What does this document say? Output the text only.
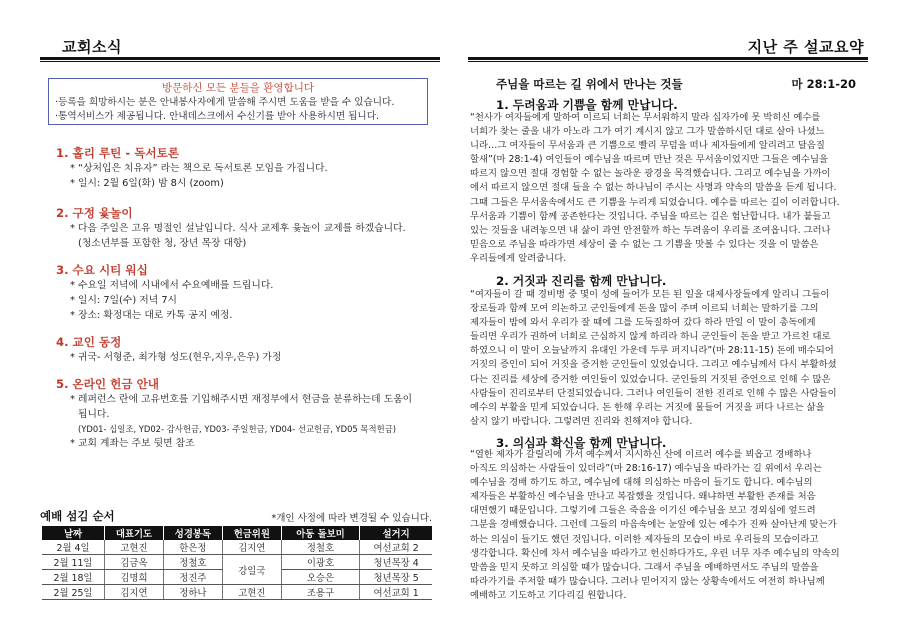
교회소식
방문하신 모든 분들을 환영합니다
·등록을 희망하시는 분은 안내봉사자에게 말씀해 주시면 도움을 받을 수 있습니다.
·통역서비스가 제공됩니다. 안내데스크에서 수신기를 받아 사용하시면 됩니다.
1. 홀리 루틴 - 독서토론
* “상처입은 치유자” 라는 책으로 독서토론 모임을 가집니다.
* 일시: 2월 6일(화) 밤 8시 (zoom)
2. 구정 윷놀이
* 다음 주일은 고유 명절인 설날입니다. 식사 교제후 윷놀이 교제를 하겠습니다.
(청소년부를 포함한 청, 장년 목장 대항)
3. 수요 시티 워십
* 수요일 저녁에 시내에서 수요예배를 드립니다.
* 일시: 7일(수) 저녁 7시
* 장소: 확정대는 대로 카톡 공지 예정.
4. 교인 동정
* 귀국- 서형준, 최가형 성도(현우,지우,은우) 가정
5. 온라인 헌금 안내
* 레퍼런스 란에 고유번호를 기입해주시면 재정부에서 현금을 분류하는데 도움이
됩니다.
(YD01- 십일조, YD02- 감사헌금, YD03- 주일헌금, YD04- 선교헌금, YD05 목적헌금)
* 교회 계좌는 주보 뒷면 참조
예배 섬김 순서	*개인 사정에 따라 변경될 수 있습니다.
날짜	대표기도	성경봉독	헌금위원	아동 돌보미	설거지
2월 4일	고현진	한은정	김지연	정철호	여선교회 2
2월 11일	김금옥	정철호	강일국	이광호	청년목장 4
2월 18일	김명희	정진주		오승은	청년목장 5
2월 25일	김지연	정하나	고현진	조용구	여선교회 1
지난 주 설교요약
주님을 따르는 길 위에서 만나는 것들	마 28:1-20
1. 두려움과 기쁨을 함께 만납니다.
“천사가 여자들에게 말하여 이르되 너희는 무서워하지 말라 십자가에 못 박히신 예수를
너희가 찾는 줄을 내가 아노라 그가 여기 계시지 않고 그가 말씀하시던 대로 살아 나셨느
니라…그 여자들이 무서움과 큰 기쁨으로 빨리 무덤을 떠나 제자들에게 알리려고 달음질
할새”(마 28:1-4) 여인들이 예수님을 따르며 만난 것은 무서움이었지만 그들은 예수님을
따르지 않으면 절대 경험할 수 없는 놀라운 광경을 목격했습니다. 그리고 예수님을 가까이
에서 따르지 않으면 절대 들을 수 없는 하나님이 주시는 사명과 약속의 말씀을 듣게 됩니다.
그때 그들은 무서움속에서도 큰 기쁨을 누리게 되었습니다. 예수를 따르는 길이 이러합니다.
무서움과 기쁨이 함께 공존한다는 것입니다. 주님을 따르는 길은 험난합니다. 내가 붙들고
있는 것들을 내려놓으면 내 삶이 과연 안전할까 하는 두려움이 우리를 조여옵니다. 그러나
믿음으로 주님을 따라가면 세상이 줄 수 없는 그 기쁨을 맛볼 수 있다는 것을 이 말씀은
우리들에게 알려줍니다.
2. 거짓과 진리를 함께 만납니다.
“여자들이 갈 때 경비병 중 몇이 성에 들어가 모든 된 일을 대제사장들에게 알리니 그들이
장로들과 함께 모여 의논하고 군인들에게 돈을 많이 주며 이르되 너희는 말하기를 그의
제자들이 밤에 와서 우리가 잘 때에 그를 도둑질하여 갔다 하라 만일 이 말이 총독에게
들리면 우리가 권하여 너희로 근심하지 않게 하리라 하니 군인들이 돈을 받고 가르친 대로
하였으니 이 말이 오늘날까지 유대인 가운데 두루 퍼지니라”(마 28:11-15) 돈에 매수되어
거짓의 증인이 되어 거짓을 증거한 군인들이 있었습니다. 그리고 예수님께서 다시 부활하셨
다는 진리를 세상에 증거한 여인들이 있었습니다. 군인들의 거짓된 증언으로 인해 수 많은
사람들이 진리로부터 단절되었습니다. 그러나 여인들이 전한 진리로 인해 수 많은 사람들이
예수의 부활을 믿게 되었습니다. 돈 한해 우리는 거짓에 물들어 거짓을 퍼다 나르는 삶을
살지 않기 바랍니다. 그렇려면 진리와 친해져야 합니다.
3. 의심과 확신을 함께 만납니다.
“열한 제자가 갈릴리에 가서 예수께서 지시하신 산에 이르러 예수를 뵈옵고 경배하나
아직도 의심하는 사람들이 있더라”(마 28:16-17) 예수님을 따라가는 길 위에서 우리는
예수님을 경배 하기도 하고, 예수님에 대해 의심하는 마음이 들기도 합니다. 예수님의
제자들은 부활하신 예수님을 만나고 복잡했을 것입니다. 왜냐하면 부활한 존재를 처음
대면했기 때문입니다. 그렇기에 그들은 죽음을 이기신 예수님을 보고 경외심에 엎드려
그분을 경배했습니다. 그런데 그들의 마음속에는 눈앞에 있는 예수가 진짜 살아난게 맞는가
하는 의심이 들기도 했던 것입니다. 이러한 제자들의 모습이 바로 우리들의 모습이라고
생각합니다. 확신에 차서 예수님을 따라가고 헌신하다가도, 우린 너무 자주 예수님의 약속의
말씀을 믿지 못하고 의심할 때가 많습니다. 그래서 주님을 예배하면서도 주님의 말씀을
따라가기를 주저할 때가 많습니다. 그러나 믿어지지 않는 상황속에서도 여전히 하나님께
예배하고 기도하고 기다리길 원합니다.
